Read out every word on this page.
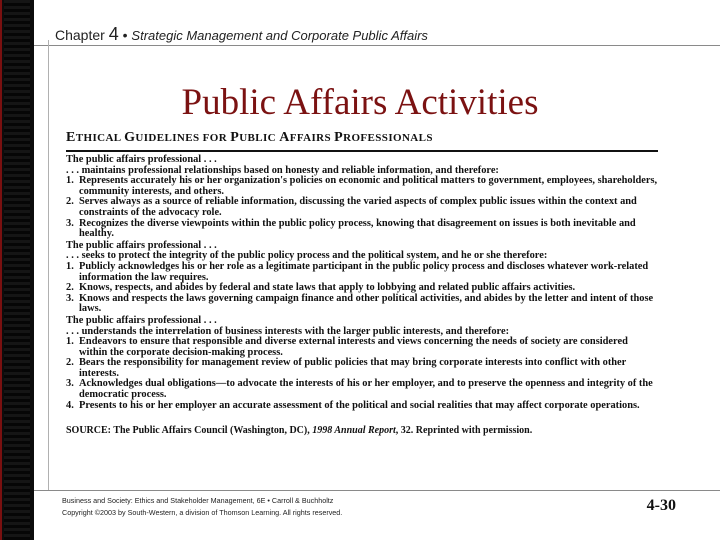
Chapter 4 • Strategic Management and Corporate Public Affairs
Public Affairs Activities
ETHICAL GUIDELINES FOR PUBLIC AFFAIRS PROFESSIONALS
The public affairs professional . . .
. . . maintains professional relationships based on honesty and reliable information, and therefore:
1. Represents accurately his or her organization's policies on economic and political matters to government, employees, shareholders, community interests, and others.
2. Serves always as a source of reliable information, discussing the varied aspects of complex public issues within the context and constraints of the advocacy role.
3. Recognizes the diverse viewpoints within the public policy process, knowing that disagreement on issues is both inevitable and healthy.
The public affairs professional . . .
. . . seeks to protect the integrity of the public policy process and the political system, and he or she therefore:
1. Publicly acknowledges his or her role as a legitimate participant in the public policy process and discloses whatever work-related information the law requires.
2. Knows, respects, and abides by federal and state laws that apply to lobbying and related public affairs activities.
3. Knows and respects the laws governing campaign finance and other political activities, and abides by the letter and intent of those laws.
The public affairs professional . . .
. . . understands the interrelation of business interests with the larger public interests, and therefore:
1. Endeavors to ensure that responsible and diverse external interests and views concerning the needs of society are considered within the corporate decision-making process.
2. Bears the responsibility for management review of public policies that may bring corporate interests into conflict with other interests.
3. Acknowledges dual obligations—to advocate the interests of his or her employer, and to preserve the openness and integrity of the democratic process.
4. Presents to his or her employer an accurate assessment of the political and social realities that may affect corporate operations.
SOURCE: The Public Affairs Council (Washington, DC), 1998 Annual Report, 32. Reprinted with permission.
Business and Society: Ethics and Stakeholder Management, 6E • Carroll & Buchholtz
Copyright ©2003 by South-Western, a division of Thomson Learning. All rights reserved.	4-30
